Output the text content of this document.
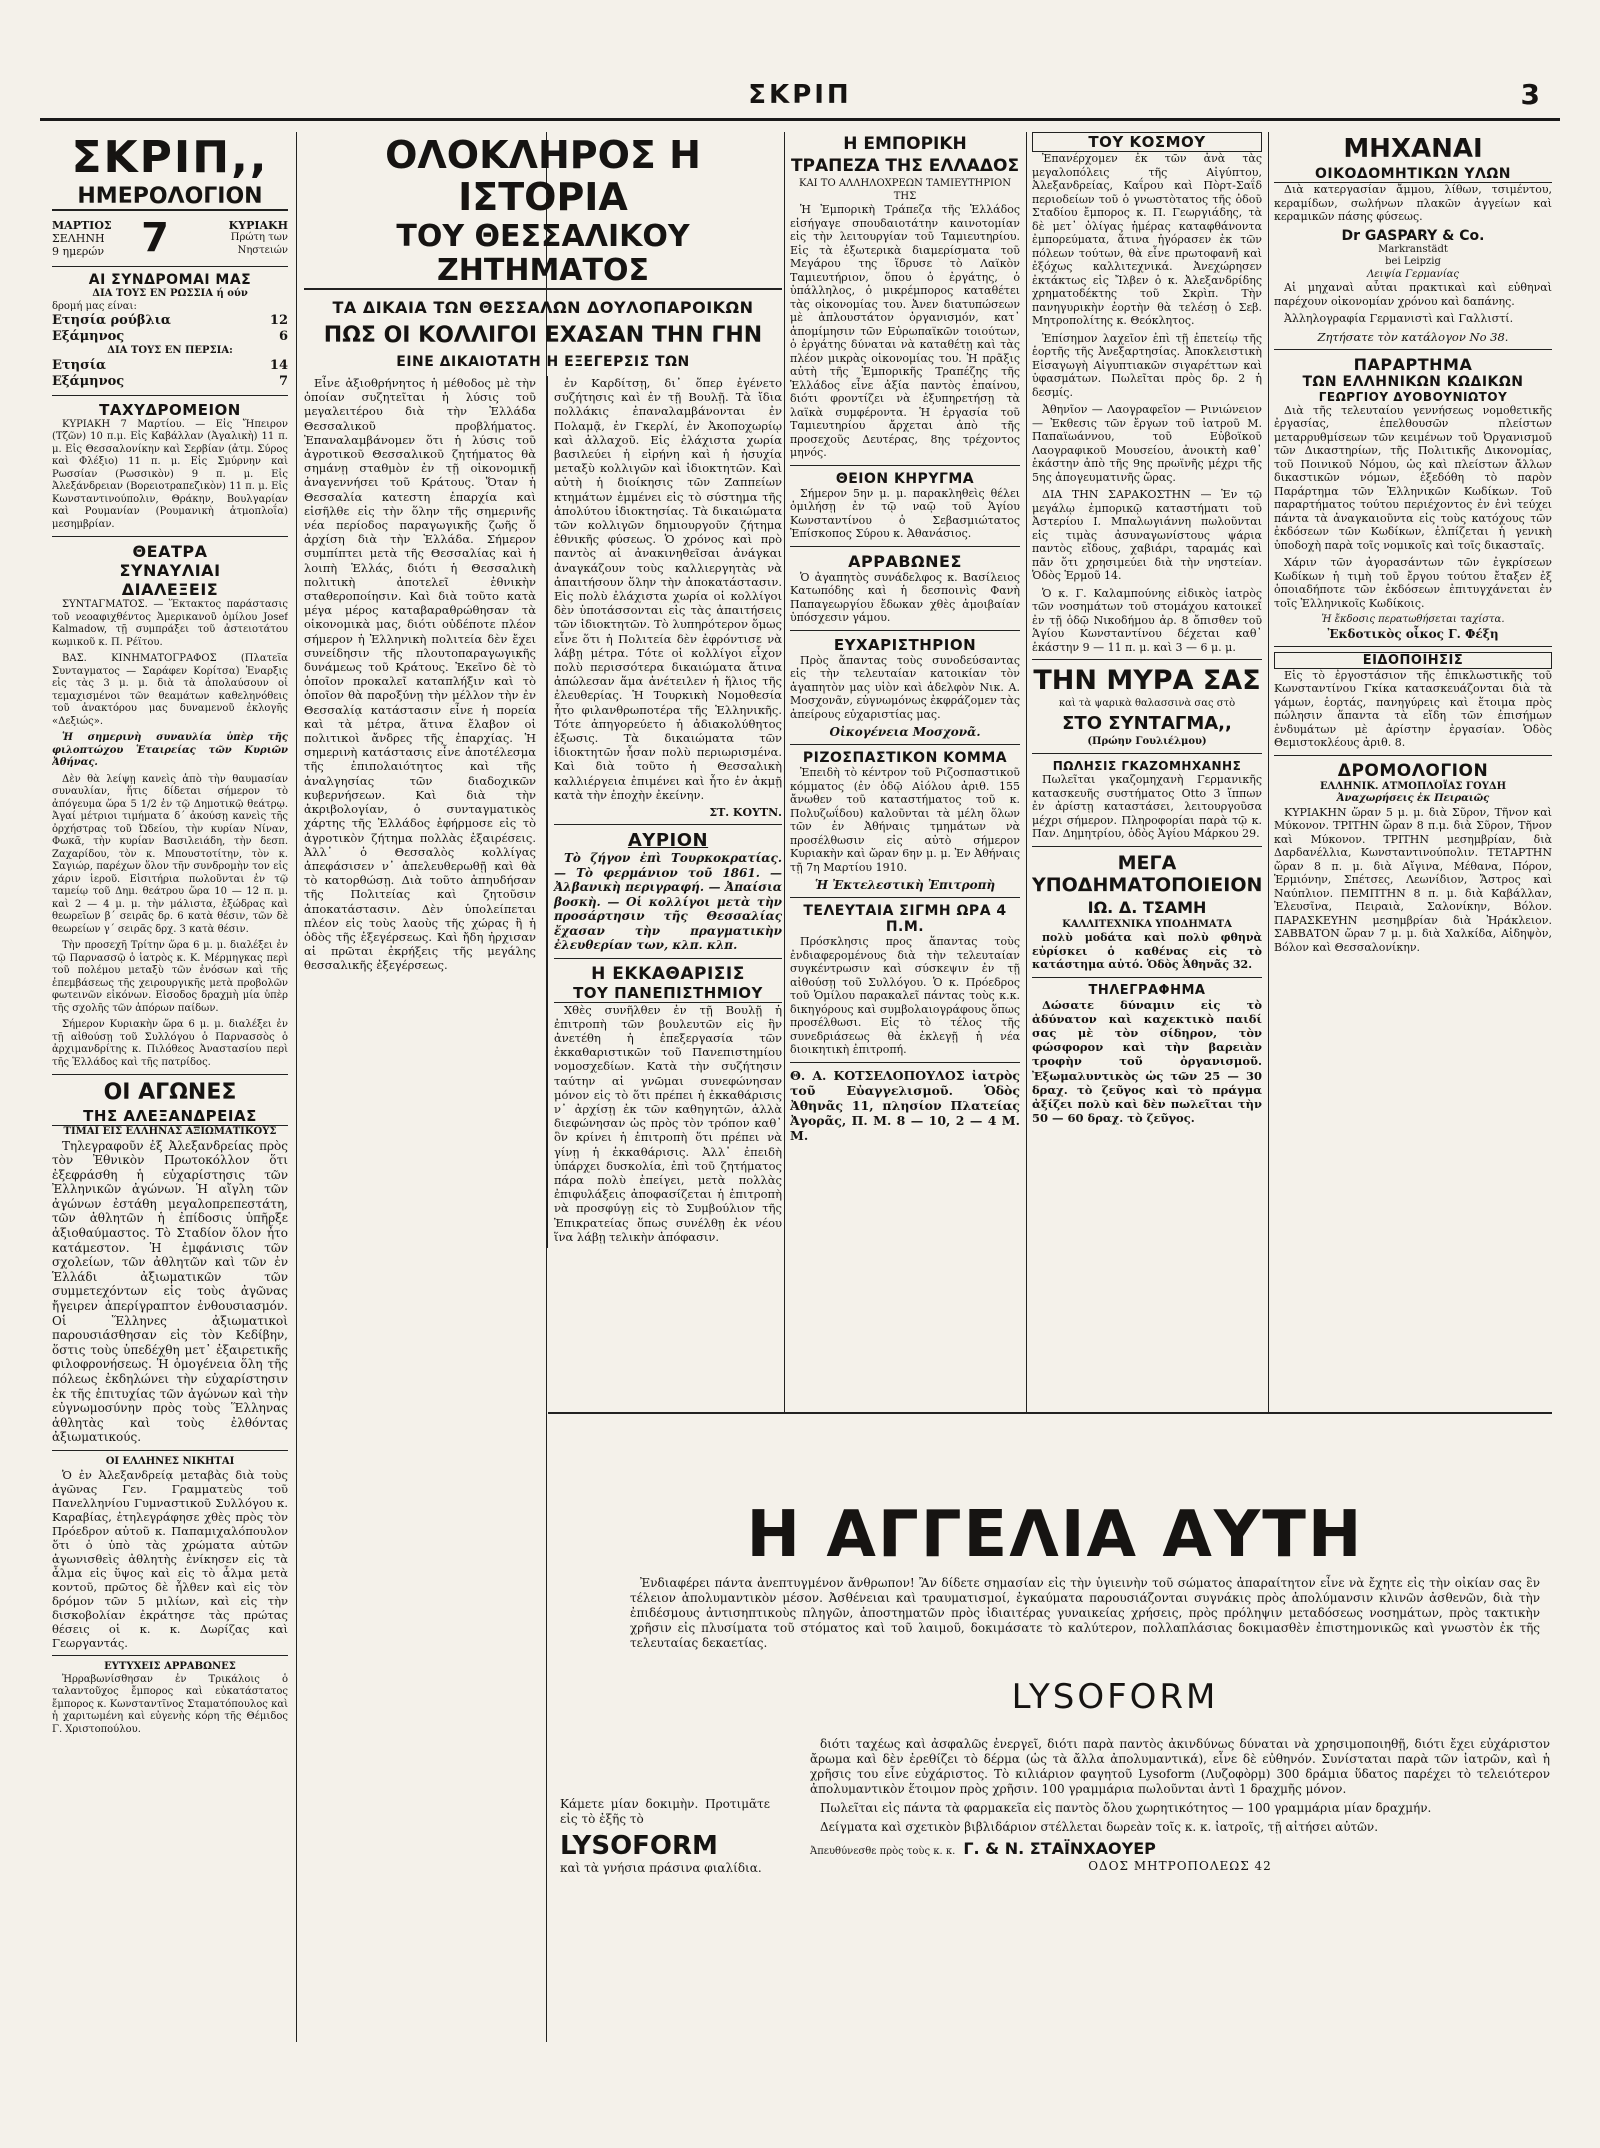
ΣΚΡΙΠ	3
ΣΚΡΙΠ,,
ΗΜΕΡΟΛΟΓΙΟΝ
ΜΑΡΤΙΟΣ
ΣΕΛΗΝΗ
9 ημερών 7	ΚΥΡΙΑΚΗ
Πρώτη των Νηστειών
ΑΙ ΣΥΝΔΡΟΜΑΙ ΜΑΣ
ΔΙΑ ΤΟΥΣ ΕΝ ΡΩΣΣΙΑ ή ούν
δρομή μας είναι:
Ετησία ρούβλια	12
Εξάμηνος	6
ΔΙΑ ΤΟΥΣ ΕΝ ΠΕΡΣΙΑ:
Ετησία	14
Εξάμηνος	7
ΤΑΧΥΔΡΟΜΕΙΟΝ

ΚΥΡΙΑΚΗ 7 Μαρτίου. — Εἰς Ἤπειρον (Τζῶν) 10 π.μ. Εἰς Καβάλλαν (Ἀγαλικὴ) 11 π. μ. Εἰς Θεσσαλονίκην καὶ Σερβίαν (ἀτμ. Σύρος καὶ Φλέξιο) 11 π. μ. Εἰς Σμύρνην καὶ Ρωσσίαν (Ρωσσικὸν) 9 π. μ. Εἰς Ἀλεξάνδρειαν (Βορειοτραπεζικὸν) 11 π. μ. Εἰς Κωνσταντινούπολιν, Θράκην, Βουλγαρίαν καὶ Ρουμανίαν (Ρουμανικὴ ἀτμοπλοΐα) μεσημβρίαν.

ΘΕΑΤΡΑ
ΣΥΝΑΥΛΙΑΙ
ΔΙΑΛΕΞΕΙΣ

ΣΥΝΤΑΓΜΑΤΟΣ. — Ἕκτακτος παράστασις τοῦ νεοαφιχθέντος Ἀμερικανοῦ ὁμίλου Josef Kalmadow, τῇ συμπράξει τοῦ ἀστειοτάτου κωμικοῦ κ. Π. Ρέϊτου.

ΒΑΣ. ΚΙΝΗΜΑΤΟΓΡΑΦΟΣ (Πλατεῖα Συνταγματος — Σαράφεν Κορίτσα) Ἐναρξις εἰς τὰς 3 μ. μ. διὰ τὰ ἀπολαύσουν οἱ τεμαχισμένοι τῶν θεαμάτων καθεληνόθεις τοῦ ἀνακτόρου μας δυναμενοῦ ἐκλογῆς «Δεξιώς».

Ἡ σημερινὴ συναυλία ὑπὲρ τῆς φιλοπτώχου Ἑταιρείας τῶν Κυριῶν Ἀθήνας.

Δὲν θὰ λείψῃ κανεὶς ἀπὸ τὴν θαυμασίαν συναυλίαν, ἥτις δίδεται σήμερον τὸ ἀπόγευμα ὥρα 5 1/2 ἐν τῷ Δημοτικῷ θεάτρῳ. Ἀγαί μέτριοι τιμήματα δ´ ἀκούσῃ κανεὶς τῆς ὀρχήστρας τοῦ Ὠδείου, τὴν κυρίαν Νίναν, Φωκᾶ, τὴν κυρίαν Βασιλειάδη, τὴν δεσπ. Ζαχαρίδου, τὸν κ. Μπουστοτίτην, τὸν κ. Σαγιώρ, παρέχων ὅλον τῆν συνδρομὴν τον εἰς χάριν ἱεροῦ. Εἰσιτήρια πωλοῦνται ἐν τῷ ταμείῳ τοῦ Δημ. θεάτρου ὥρα 10 — 12 π. μ. καὶ 2 — 4 μ. μ. τὴν μάλιστα, ἐξώδρας καὶ θεωρεῖων β´ σειρᾶς δρ. 6 κατὰ θέσιν, τῶν δὲ θεωρείων γ´ σειρᾶς δρχ. 3 κατὰ θέσιν.

Τὴν προσεχῆ Τρίτην ὥρα 6 μ. μ. διαλέξει ἐν τῷ Παρνασσῷ ὁ ἰατρὸς κ. Κ. Μέρμηγκας περὶ τοῦ πολέμου μεταξὺ τῶν ἐνόσων καὶ τῆς ἐπεμβάσεως τῆς χειρουργικῆς μετὰ προβολῶν φωτεινῶν εἰκόνων. Εἰσοδος δραχμὴ μία ὑπὲρ τῆς σχολῆς τῶν ἀπόρων παίδων.

Σήμερον Κυριακὴν ὥρα 6 μ. μ. διαλέξει ἐν τῇ αἰθούσῃ τοῦ Συλλόγου ὁ Παρνασσὸς ὁ ἀρχιμανδρίτης κ. Πιλόθεος Ἀναστασίου περὶ τῆς Ἑλλάδος καὶ τῆς πατρίδος.

ΟΙ ΑΓΩΝΕΣ
ΤΗΣ ΑΛΕΞΑΝΔΡΕΙΑΣ
ΤΙΜΑΙ ΕΙΣ ΕΛΛΗΝΑΣ ΑΞΙΩΜΑΤΙΚΟΥΣ

Τηλεγραφοῦν ἐξ Ἀλεξανδρείας πρὸς τὸν Ἐθνικὸν Πρωτοκόλλον ὅτι ἐξεφράσθη ἡ εὐχαρίστησις τῶν Ἐλληνικῶν ἀγώνων. Ἡ αἴγλη τῶν ἀγώνων ἐστάθη μεγαλοπρεπεστάτη, τῶν ἀθλητῶν ἡ ἐπίδοσις ὑπῆρξε ἀξιοθαύμαστος. Τὸ Σταδίον ὅλον ἦτο κατάμεστον. Ἡ ἐμφάνισις τῶν σχολείων, τῶν ἀθλητῶν καὶ τῶν ἐν Ἑλλάδι ἀξιωματικῶν τῶν συμμετεχόντων εἰς τοὺς ἀγῶνας ἤγειρεν ἀπερίγραπτον ἐνθουσιασμόν. Οἱ Ἕλληνες ἀξιωματικοὶ παρουσιάσθησαν εἰς τὸν Κεδίβην, ὅστις τοὺς ὑπεδέχθη μετ᾿ ἐξαιρετικῆς φιλοφρονήσεως. Ἡ ὁμογένεια ὅλη τῆς πόλεως ἐκδηλώνει τὴν εὐχαρίστησιν ἐκ τῆς ἐπιτυχίας τῶν ἀγώνων καὶ τὴν εὐγνωμοσύνην πρὸς τοὺς Ἕλληνας ἀθλητὰς καὶ τοὺς ἐλθόντας ἀξιωματικούς.

ΟΙ ΕΛΛΗΝΕΣ ΝΙΚΗΤΑΙ

Ὁ ἐν Ἀλεξανδρείᾳ μεταβὰς διὰ τοὺς ἀγῶνας Γεν. Γραμματεὺς τοῦ Πανελληνίου Γυμναστικοῦ Συλλόγου κ. Καραβίας, ἐτηλεγράφησε χθὲς πρὸς τὸν Πρόεδρον αὐτοῦ κ. Παπαμιχαλόπουλον ὅτι ὁ ὑπὸ τὰς χρώματα αὐτῶν ἀγωνισθεὶς ἀθλητὴς ἐνίκησεν εἰς τὰ ἆλμα εἰς ὕψος καὶ εἰς τὸ ἆλμα μετὰ κοντοῦ, πρῶτος δὲ ἦλθεν καὶ εἰς τὸν δρόμον τῶν 5 μιλίων, καὶ εἰς τὴν δισκοβολίαν ἐκράτησε τὰς πρώτας θέσεις οἱ κ. κ. Δωρίζας καὶ Γεωργαντάς.

ΕΥΤΥΧΕΙΣ ΑΡΡΑΒΩΝΕΣ

Ἠρραβωνίσθησαν ἐν Τρικάλοις ὁ ταλαντοῦχος ἔμπορος καὶ εὐκατάστατος ἔμπορος κ. Κωνσταντῖνος Σταματόπουλος καὶ ἡ χαριτωμένη καὶ εὐγενὴς κόρη τῆς Θέμιδος Γ. Χριστοπούλου.

ΟΛΟΚΛΗΡΟΣ Η ΙΣΤΟΡΙΑ
ΤΟΥ ΘΕΣΣΑΛΙΚΟΥ ΖΗΤΗΜΑΤΟΣ
ΤΑ ΔΙΚΑΙΑ ΤΩΝ ΘΕΣΣΑΛΩΝ ΔΟΥΛΟΠΑΡΟΙΚΩΝ
ΠΩΣ ΟΙ ΚΟΛΛΙΓΟΙ ΕΧΑΣΑΝ ΤΗΝ ΓΗΝ
ΕΙΝΕ ΔΙΚΑΙΟΤΑΤΗ Η ΕΞΕΓΕΡΣΙΣ ΤΩΝ

Εἶνε ἀξιοθρήνητος ἡ μέθοδος μὲ τὴν ὁποίαν συζητεῖται ἡ λύσις τοῦ μεγαλειτέρου διὰ τὴν Ἑλλάδα Θεσσαλικοῦ προβλήματος. Ἐπαναλαμβάνομεν ὅτι ἡ λύσις τοῦ ἀγροτικοῦ Θεσσαλικοῦ ζητήματος θὰ σημάνῃ σταθμὸν ἐν τῇ οἰκονομικῇ ἀναγεννήσει τοῦ Κράτους. Ὅταν ἡ Θεσσαλία κατεστη ἐπαρχία καὶ εἰσῆλθε εἰς τὴν ὅλην τῆς σημερινῆς νέα περίοδος παραγωγικῆς ζωῆς ὅ ἀρχίση διὰ τὴν Ἑλλάδα. Σήμερον συμπίπτει μετὰ τῆς Θεσσαλίας καὶ ἡ λοιπὴ Ἑλλάς, διότι ἡ Θεσσαλικὴ πολιτικὴ ἀποτελεῖ ἐθνικὴν σταθεροποίησιν. Καὶ διὰ τοῦτο κατὰ μέγα μέρος καταβαραθρώθησαν τὰ οἰκονομικὰ μας, διότι οὐδέποτε πλέον σήμερον ἡ Ἑλληνικὴ πολιτεία δὲν ἔχει συνείδησιν τῆς πλουτοπαραγωγικῆς δυνάμεως τοῦ Κράτους. Ἐκεῖνο δὲ τὸ ὁποῖον προκαλεῖ καταπλήξιν καὶ τὸ ὁποῖον θὰ παροξύνῃ τὴν μέλλον τὴν ἐν Θεσσαλίᾳ κατάστασιν εἶνε ἡ πορεία καὶ τὰ μέτρα, ἅτινα ἔλαβον οἱ πολιτικοὶ ἄνδρες τῆς ἐπαρχίας. Ἡ σημερινὴ κατάστασις εἶνε ἀποτέλεσμα τῆς ἐπιπολαιότητος καὶ τῆς ἀναλγησίας τῶν διαδοχικῶν κυβερνήσεων. Καὶ διὰ τὴν ἀκριβολογίαν, ὁ συνταγματικὸς χάρτης τῆς Ἑλλάδος ἐφήρμοσε εἰς τὸ ἀγροτικὸν ζήτημα πολλὰς ἐξαιρέσεις. Ἀλλ᾿ ὁ Θεσσαλὸς κολλίγας ἀπεφάσισεν ν᾿ ἀπελευθερωθῇ καὶ θὰ τὸ κατορθώσῃ. Διὰ τοῦτο ἀπηυδήσαν τῆς Πολιτείας καὶ ζητοῦσιν ἀποκατάστασιν. Δὲν ὑπολείπεται πλέον εἰς τοὺς λαοὺς τῆς χώρας ἢ ἡ ὁδὸς τῆς ἐξεγέρσεως. Καὶ ἤδη ἠρχισαν αἱ πρῶται ἐκρήξεις τῆς μεγάλης θεσσαλικῆς ἐξεγέρσεως.

ἐν Καρδίτσῃ, δι᾿ ὅπερ ἐγένετο συζήτησις καὶ ἐν τῇ Βουλῇ. Τὰ ἴδια πολλάκις ἐπαναλαμβάνονται ἐν Πολαμᾷ, ἐν Γκερλί, ἐν Ἀκοποχωρίῳ καὶ ἀλλαχοῦ. Εἰς ἐλάχιστα χωρία βασιλεύει ἡ εἰρήνη καὶ ἡ ἡσυχία μεταξὺ κολλιγῶν καὶ ἰδιοκτητῶν. Καὶ αὐτὴ ἡ διοίκησις τῶν Ζαππείων κτημάτων ἐμμένει εἰς τὸ σύστημα τῆς ἀπολύτου ἰδιοκτησίας. Τὰ δικαιώματα τῶν κολλιγῶν δημιουργοῦν ζήτημα ἐθνικῆς φύσεως. Ὁ χρόνος καὶ πρὸ παντὸς αἱ ἀνακινηθεῖσαι ἀνάγκαι ἀναγκάζουν τοὺς καλλιεργητὰς νὰ ἀπαιτήσουν ὅλην τὴν ἀποκατάστασιν. Εἰς πολὺ ἐλάχιστα χωρία οἱ κολλίγοι δὲν ὑποτάσσονται εἰς τὰς ἀπαιτήσεις τῶν ἰδιοκτητῶν. Τὸ λυπηρότερον ὅμως εἶνε ὅτι ἡ Πολιτεία δὲν ἐφρόντισε νὰ λάβῃ μέτρα. Τότε οἱ κολλίγοι εἶχον πολὺ περισσότερα δικαιώματα ἅτινα ἀπώλεσαν ἅμα ἀνέτειλεν ἡ ἥλιος τῆς ἐλευθερίας. Ἡ Τουρκικὴ Νομοθεσία ἦτο φιλανθρωποτέρα τῆς Ἑλληνικῆς. Τότε ἀπηγορεύετο ἡ ἀδιακολύθητος ἐξωσις. Τὰ δικαιώματα τῶν ἰδιοκτητῶν ἦσαν πολὺ περιωρισμένα. Καὶ διὰ τοῦτο ἡ Θεσσαλικὴ καλλιέργεια ἐπιμένει καὶ ἦτο ἐν ἀκμῇ κατὰ τὴν ἐποχὴν ἐκείνην.

ΣΤ. ΚΟΥΤΝ.
ΑΥΡΙΟΝ

Τὸ ζήγον ἐπὶ Τουρκοκρατίας. — Τὸ φερμάνιον τοῦ 1861. — Ἀλβανικὴ περιγραφή. — Ἀπαίσια βοσκὴ. — Οἱ κολλίγοι μετὰ τὴν προσάρτησιν τῆς Θεσσαλίας ἔχασαν τὴν πραγματικὴν ἐλευθερίαν των, κλπ. κλπ.

Η ΕΚΚΑΘΑΡΙΣΙΣ
ΤΟΥ ΠΑΝΕΠΙΣΤΗΜΙΟΥ

Χθὲς συνῆλθεν ἐν τῇ Βουλῇ ἡ ἐπιτροπὴ τῶν βουλευτῶν εἰς ἣν ἀνετέθη ἡ ἐπεξεργασία τῶν ἐκκαθαριστικῶν τοῦ Πανεπιστημίου νομοσχεδίων. Κατὰ τὴν συζήτησιν ταύτην αἱ γνῶμαι συνεφώνησαν μόνον εἰς τὸ ὅτι πρέπει ἡ ἐκκαθάρισις ν᾿ ἀρχίσῃ ἐκ τῶν καθηγητῶν, ἀλλὰ διεφώνησαν ὡς πρὸς τὸν τρόπον καθ᾿ ὃν κρίνει ἡ ἐπιτροπὴ ὅτι πρέπει νὰ γίνῃ ἡ ἐκκαθάρισις. Ἀλλ᾿ ἐπειδὴ ὑπάρχει δυσκολία, ἐπὶ τοῦ ζητήματος πάρα πολὺ ἐπείγει, μετὰ πολλὰς ἐπιφυλάξεις ἀποφασίζεται ἡ ἐπιτροπὴ νὰ προσφύγῃ εἰς τὸ Συμβούλιον τῆς Ἐπικρατείας ὅπως συνέλθῃ ἐκ νέου ἵνα λάβῃ τελικὴν ἀπόφασιν.

Η ΕΜΠΟΡΙΚΗ
ΤΡΑΠΕΖΑ ΤΗΣ ΕΛΛΑΔΟΣ
ΚΑΙ ΤΟ ΑΛΛΗΛΟΧΡΕΩΝ ΤΑΜΙΕΥΤΗΡΙΟΝ ΤΗΣ

Ἡ Ἐμπορικὴ Τράπεζα τῆς Ἑλλάδος εἰσήγαγε σπουδαιοτάτην καινοτομίαν εἰς τὴν λειτουργίαν τοῦ Ταμιευτηρίου. Εἰς τὰ ἐξωτερικὰ διαμερίσματα τοῦ Μεγάρου της ἵδρυσε τὸ Λαϊκὸν Ταμιευτήριον, ὅπου ὁ ἐργάτης, ὁ ὑπάλληλος, ὁ μικρέμπορος καταθέτει τὰς οἰκονομίας του. Ἀνεν διατυπώσεων μὲ ἀπλουστάτον ὀργανισμόν, κατ᾿ ἀπομίμησιν τῶν Εὐρωπαϊκῶν τοιούτων, ὁ ἐργάτης δύναται νὰ καταθέτῃ καὶ τὰς πλέον μικρὰς οἰκονομίας του. Ἡ πρᾶξις αὐτὴ τῆς Ἐμπορικῆς Τραπέζης τῆς Ἑλλάδος εἶνε ἀξία παντὸς ἐπαίνου, διότι φροντίζει νὰ ἐξυπηρετήσῃ τὰ λαϊκὰ συμφέροντα. Ἡ ἐργασία τοῦ Ταμιευτηρίου ἄρχεται ἀπὸ τῆς προσεχοῦς Δευτέρας, 8ης τρέχοντος μηνός.

ΘΕΙΟΝ ΚΗΡΥΓΜΑ

Σήμερον 5ην μ. μ. παρακληθεὶς θέλει ὁμιλήσῃ ἐν τῷ ναῷ τοῦ Ἁγίου Κωνσταντίνου ὁ Σεβασμιώτατος Ἐπίσκοπος Σύρου κ. Ἀθανάσιος.

ΑΡΡΑΒΩΝΕΣ

Ὁ ἀγαπητὸς συνάδελφος κ. Βασίλειος Κατωπόδης καὶ ἡ δεσποινὶς Φανὴ Παπαγεωργίου ἔδωκαν χθὲς ἀμοιβαίαν ὑπόσχεσιν γάμου.

ΕΥΧΑΡΙΣΤΗΡΙΟΝ

Πρὸς ἅπαντας τοὺς συνοδεύσαντας εἰς τὴν τελευταίαν κατοικίαν τὸν ἀγαπητὸν μας υἱὸν καὶ ἀδελφὸν Νικ. Α. Μοσχονᾶν, εὐγνωμόνως ἐκφράζομεν τὰς ἀπείρους εὐχαριστίας μας.

Οἰκογένεια Μοσχονᾶ.
ΡΙΖΟΣΠΑΣΤΙΚΟΝ ΚΟΜΜΑ

Ἐπειδὴ τὸ κέντρον τοῦ Ριζοσπαστικοῦ κόμματος (ἐν ὁδῷ Αἰόλου ἀριθ. 155 ἄνωθεν τοῦ καταστήματος τοῦ κ. Πολυζωΐδου) καλοῦνται τὰ μέλη ὅλων τῶν ἐν Ἀθήναις τμημάτων νὰ προσέλθωσιν εἰς αὐτὸ σήμερον Κυριακὴν καὶ ὥραν 6ην μ. μ. Ἐν Ἀθήναις τῇ 7η Μαρτίου 1910.

Ἡ Ἐκτελεστικὴ Ἐπιτροπὴ
ΤΕΛΕΥΤΑΙΑ ΣΙΓΜΗ ΩΡΑ 4 Π.Μ.

Πρόσκλησις προς ἅπαντας τοὺς ἐνδιαφερομένους διὰ τὴν τελευταίαν συγκέντρωσιν καὶ σύσκεψιν ἐν τῇ αἰθούσῃ τοῦ Συλλόγου. Ὁ κ. Πρόεδρος τοῦ Ὁμίλου παρακαλεῖ πάντας τοὺς κ.κ. δικηγόρους καὶ συμβολαιογράφους ὅπως προσέλθωσι. Εἰς τὸ τέλος τῆς συνεδριάσεως θὰ ἐκλεγῇ ἡ νέα διοικητικὴ ἐπιτροπή.

Θ. Α. ΚΟΤΣΕΛΟΠΟΥΛΟΣ ἰατρὸς τοῦ Εὐαγγελισμοῦ. Ὁδὸς Ἀθηνᾶς 11, πλησίον Πλατείας Ἀγορᾶς, Π. Μ. 8 — 10, 2 — 4 Μ. Μ.

ΤΟΥ ΚΟΣΜΟΥ

Ἐπανέρχομεν ἐκ τῶν ἀνὰ τὰς μεγαλοπόλεις τῆς Αἰγύπτου, Ἀλεξανδρείας, Καΐρου καὶ Πὸρτ-Σαΐδ περιοδείων τοῦ ὁ γνωστὸτατος τῆς ὁδοῦ Σταδίου ἔμπορος κ. Π. Γεωργιάδης, τὰ δὲ μετ᾿ ὀλίγας ἡμέρας καταφθάνοντα ἐμπορεύματα, ἅτινα ἠγόρασεν ἐκ τῶν πόλεων τούτων, θὰ εἶνε πρωτοφανῆ καὶ ἐξόχως καλλιτεχνικά. Ἀνεχώρησεν ἐκτάκτως εἰς Ἴλβεν ὁ κ. Ἀλεξανδρίδης χρηματοδέκτης τοῦ Σκρὶπ. Τὴν πανηγυρικὴν ἐορτὴν θὰ τελέσῃ ὁ Σεβ. Μητροπολίτης κ. Θεόκλητος.

Ἐπίσημον λαχεῖον ἐπὶ τῇ ἐπετείῳ τῆς ἑορτῆς τῆς Ἀνεξαρτησίας. Ἀποκλειστικὴ Εἰσαγωγὴ Αἰγυπτιακῶν σιγαρέττων καὶ ὑφασμάτων. Πωλεῖται πρὸς δρ. 2 ἡ δεσμίς.

Ἀθηνῖον — Λαογραφεῖον — Ρινιώνειον — Ἐκθεσις τῶν ἔργων τοῦ ἰατροῦ Μ. Παπαϊωάννου, τοῦ Εὐβοϊκοῦ Λαογραφικοῦ Μουσείου, ἀνοικτὴ καθ᾿ ἑκάστην ἀπὸ τῆς 9ης πρωϊνῆς μέχρι τῆς 5ης ἀπογευματινῆς ὥρας.

ΔΙΑ ΤΗΝ ΣΑΡΑΚΟΣΤΗΝ — Ἐν τῷ μεγάλῳ ἐμπορικῷ καταστήματι τοῦ Ἀστερίου Ι. Μπαλωγιάννη πωλοῦνται εἰς τιμὰς ἀσυναγωνίστους ψάρια παντὸς εἴδους, χαβιάρι, ταραμάς καὶ πᾶν ὅτι χρησιμεύει διὰ τὴν νηστείαν. Ὁδὸς Ἑρμοῦ 14.

Ὁ κ. Γ. Καλαμπούνης εἰδικὸς ἰατρὸς τῶν νοσημάτων τοῦ στομάχου κατοικεῖ ἐν τῇ ὁδῷ Νικοδήμου ἀρ. 8 ὄπισθεν τοῦ Ἁγίου Κωνσταντίνου δέχεται καθ᾿ ἑκάστην 9 — 11 π. μ. καὶ 3 — 6 μ. μ.

ΤΗΝ ΜΥΡΑ ΣΑΣ
καὶ τὰ ψαρικὰ θαλασσινὰ σας στὸ
ΣΤΟ ΣΥΝΤΑΓΜΑ,,
(Πρώην Γουλιέλμου)
ΠΩΛΗΣΙΣ ΓΚΑΖΟΜΗΧΑΝΗΣ

Πωλεῖται γκαζομηχανὴ Γερμανικῆς κατασκευῆς συστήματος Otto 3 ἵππων ἐν ἀρίστῃ καταστάσει, λειτουργοῦσα μέχρι σήμερον. Πληροφορίαι παρὰ τῷ κ. Παν. Δημητρίου, ὁδὸς Ἁγίου Μάρκου 29.

ΜΕΓΑ ΥΠΟΔΗΜΑΤΟΠΟΙΕΙΟΝ
ΙΩ. Δ. ΤΣΑΜΗ
ΚΑΛΛΙΤΕΧΝΙΚΑ ΥΠΟΔΗΜΑΤΑ

πολὺ μοδάτα καὶ πολὺ φθηνὰ εὐρίσκει ὁ καθένας εἰς τὸ κατάστημα αὐτό. Ὁδὸς Ἀθηνᾶς 32.

ΤΗΛΕΓΡΑΦΗΜΑ

Δώσατε δύναμιν εἰς τὸ ἀδύνατον καὶ καχεκτικὸ παιδί σας μὲ τὸν σίδηρον, τὸν φώσφορον καὶ τὴν βαρειὰν τροφὴν τοῦ ὀργανισμοῦ. Ἐξωμαλυντικὸς ὡς τῶν 25 — 30 δραχ. τὸ ζεῦγος καὶ τὸ πράγμα ἀξίζει πολὺ καὶ δὲν πωλεῖται τὴν 50 — 60 δραχ. τὸ ζεῦγος.

ΜΗΧΑΝΑΙ
ΟΙΚΟΔΟΜΗΤΙΚΩΝ ΥΛΩΝ

Διὰ κατεργασίαν ἄμμου, λίθων, τσιμέντου, κεραμίδων, σωλήνων πλακῶν ἀγγείων καὶ κεραμικῶν πάσης φύσεως.

Dr GASPARY & Co.
Markranstädt
bei Leipzig
Λειψία Γερμανίας

Αἱ μηχαναὶ αὗται πρακτικαὶ καὶ εὐθηναὶ παρέχουν οἰκονομίαν χρόνου καὶ δαπάνης.

Ἀλληλογραφία Γερμανιστὶ καὶ Γαλλιστί.

Ζητήσατε τὸν κατάλογον No 38.
ΠΑΡΑΡΤΗΜΑ
ΤΩΝ ΕΛΛΗΝΙΚΩΝ ΚΩΔΙΚΩΝ
ΓΕΩΡΓΙΟΥ ΔΥΟΒΟΥΝΙΩΤΟΥ

Διὰ τῆς τελευταίου γεννήσεως νομοθετικῆς ἐργασίας, ἐπελθουσῶν πλείστων μεταρρυθμίσεων τῶν κειμένων τοῦ Ὀργανισμοῦ τῶν Δικαστηρίων, τῆς Πολιτικῆς Δικονομίας, τοῦ Ποινικοῦ Νόμου, ὡς καὶ πλείστων ἄλλων δικαστικῶν νόμων, ἐξεδόθη τὸ παρὸν Παράρτημα τῶν Ἑλληνικῶν Κωδίκων. Τοῦ παραρτήματος τούτου περιέχοντος ἐν ἑνὶ τεύχει πάντα τὰ ἀναγκαιοῦντα εἰς τοὺς κατόχους τῶν ἐκδόσεων τῶν Κωδίκων, ἐλπίζεται ἡ γενικὴ ὑποδοχὴ παρὰ τοῖς νομικοῖς καὶ τοῖς δικασταῖς.

Χάριν τῶν ἀγορασάντων τῶν ἐγκρίσεων Κωδίκων ἡ τιμὴ τοῦ ἔργου τούτου ἔταξεν ἐξ ὁποιαδήποτε τῶν ἐκδόσεων ἐπιτυγχάνεται ἐν τοῖς Ἑλληνικοῖς Κωδίκοις.

Ἡ ἔκδοσις περατωθήσεται ταχίστα.
Ἐκδοτικὸς οἶκος Γ. Φέξη
ΕΙΔΟΠΟΙΗΣΙΣ

Εἰς τὸ ἐργοστάσιον τῆς ἐπικλωστικῆς τοῦ Κωνσταντίνου Γκίκα κατασκευάζονται διὰ τὰ γάμων, ἑορτάς, πανηγύρεις καὶ ἕτοιμα πρὸς πώλησιν ἅπαντα τὰ εἴδη τῶν ἐπισήμων ἐνδυμάτων μὲ ἀρίστην ἐργασίαν. Ὁδὸς Θεμιστοκλέους ἀριθ. 8.

ΔΡΟΜΟΛΟΓΙΟΝ
ΕΛΛΗΝΙΚ. ΑΤΜΟΠΛΟΪΑΣ ΓΟΥΔΗ
Ἀναχωρήσεις ἐκ Πειραιῶς

ΚΥΡΙΑΚΗΝ ὥραν 5 μ. μ. διὰ Σῦρον, Τῆνον καὶ Μύκονον. ΤΡΙΤΗΝ ὥραν 8 π.μ. διὰ Σῦρον, Τῆνον καὶ Μύκονον. ΤΡΙΤΗΝ μεσημβρίαν, διὰ Δαρδανέλλια, Κωνσταντινούπολιν. ΤΕΤΑΡΤΗΝ ὥραν 8 π. μ. διὰ Αἴγινα, Μέθανα, Πόρον, Ἑρμιόνην, Σπέτσες, Λεωνίδιον, Ἄστρος καὶ Ναύπλιον. ΠΕΜΠΤΗΝ 8 π. μ. διὰ Καβάλλαν, Ἐλευσῖνα, Πειραιὰ, Σαλονίκην, Βόλον. ΠΑΡΑΣΚΕΥΗΝ μεσημβρίαν διὰ Ἠράκλειον. ΣΑΒΒΑΤΟΝ ὥραν 7 μ. μ. διὰ Χαλκίδα, Αἰδηψὸν, Βόλον καὶ Θεσσαλονίκην.

Η ΑΓΓΕΛΙΑ ΑΥΤΗ

Ἐνδιαφέρει πάντα ἀνεπτυγμένον ἄνθρωπον! Ἂν δίδετε σημασίαν εἰς τὴν ὑγιεινὴν τοῦ σώματος ἀπαραίτητον εἶνε νὰ ἔχητε εἰς τὴν οἰκίαν σας ἓν τέλειον ἀπολυμαντικὸν μέσον. Ἀσθένειαι καὶ τραυματισμοί, ἐγκαύματα παρουσιάζονται συγνάκις πρὸς ἀπολύμανσιν κλινῶν ἀσθενῶν, διὰ τὴν ἐπιδέσμους ἀντισηπτικοὺς πληγῶν, ἀποστηματῶν πρὸς ἰδιαιτέρας γυναικείας χρήσεις, πρὸς πρόληψιν μεταδόσεως νοσημάτων, πρὸς τακτικὴν χρῆσιν εἰς πλυσίματα τοῦ στόματος καὶ τοῦ λαιμοῦ, δοκιμάσατε τὸ καλύτερον, πολλαπλάσιας δοκιμασθὲν ἐπιστημονικῶς καὶ γνωστὸν ἐκ τῆς τελευταίας δεκαετίας.

LYSOFORM

Κάμετε μίαν δοκιμὴν. Προτιμᾶτε εἰς τὸ ἐξῆς τὸ

LYSOFORM

καὶ τὰ γνήσια πράσινα φιαλίδια.

διότι ταχέως καὶ ἀσφαλῶς ἐνεργεῖ, διότι παρὰ παντὸς ἀκινδύνως δύναται νὰ χρησιμοποιηθῇ, διότι ἔχει εὐχάριστον ἄρωμα καὶ δὲν ἐρεθίζει τὸ δέρμα (ὡς τὰ ἄλλα ἀπολυμαντικά), εἶνε δὲ εὐθηνόν. Συνίσταται παρὰ τῶν ἰατρῶν, καὶ ἡ χρῆσις του εἶνε εὐχάριστος. Τὸ κιλιάριον φαγητοῦ Lysoform (Λυζοφὸρμ) 300 δράμια ὕδατος παρέχει τὸ τελειότερον ἀπολυμαντικὸν ἕτοιμον πρὸς χρῆσιν. 100 γραμμάρια πωλοῦνται ἀντὶ 1 δραχμῆς μόνον.

Πωλεῖται εἰς πάντα τὰ φαρμακεῖα εἰς παντὸς ὄλου χωρητικότητος — 100 γραμμάρια μίαν δραχμήν.

Δείγματα καὶ σχετικὸν βιβλιδάριον στέλλεται δωρεὰν τοῖς κ. κ. ἰατροῖς, τῇ αἰτήσει αὐτῶν.

Ἀπευθύνεσθε πρὸς τοὺς κ. κ. Γ. & Ν. ΣΤΑΪΝΧΑΟΥΕΡ
ΟΔΟΣ ΜΗΤΡΟΠΟΛΕΩΣ 42
